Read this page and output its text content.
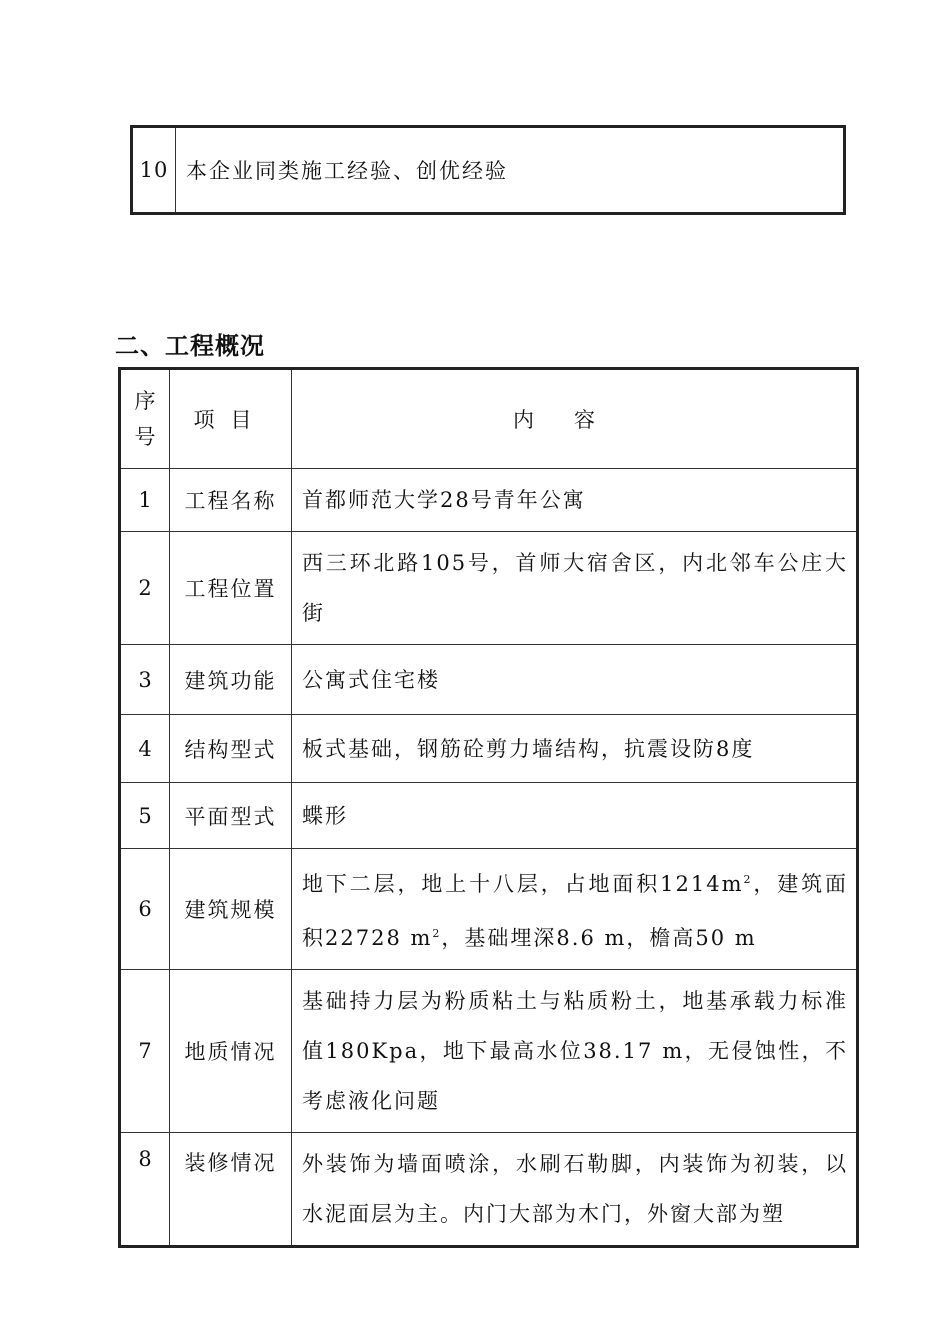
10	本企业同类施工经验、创优经验
二、工程概况
序号	项目	内容
1	工程名称	首都师范大学28号青年公寓
2	工程位置	西三环北路105号，首师大宿舍区，内北邻车公庄大街
3	建筑功能	公寓式住宅楼
4	结构型式	板式基础，钢筋砼剪力墙结构，抗震设防8度
5	平面型式	蝶形
6	建筑规模	地下二层，地上十八层，占地面积$1214m^2$，建筑面积22728 $m^2$，基础埋深8.6 m，檐高50 m
7	地质情况	基础持力层为粉质粘土与粘质粉土，地基承载力标准值180Kpa，地下最高水位38.17 m，无侵蚀性，不考虑液化问题
8	装修情况	外装饰为墙面喷涂，水刷石勒脚，内装饰为初装，以水泥面层为主。内门大部为木门，外窗大部为塑
